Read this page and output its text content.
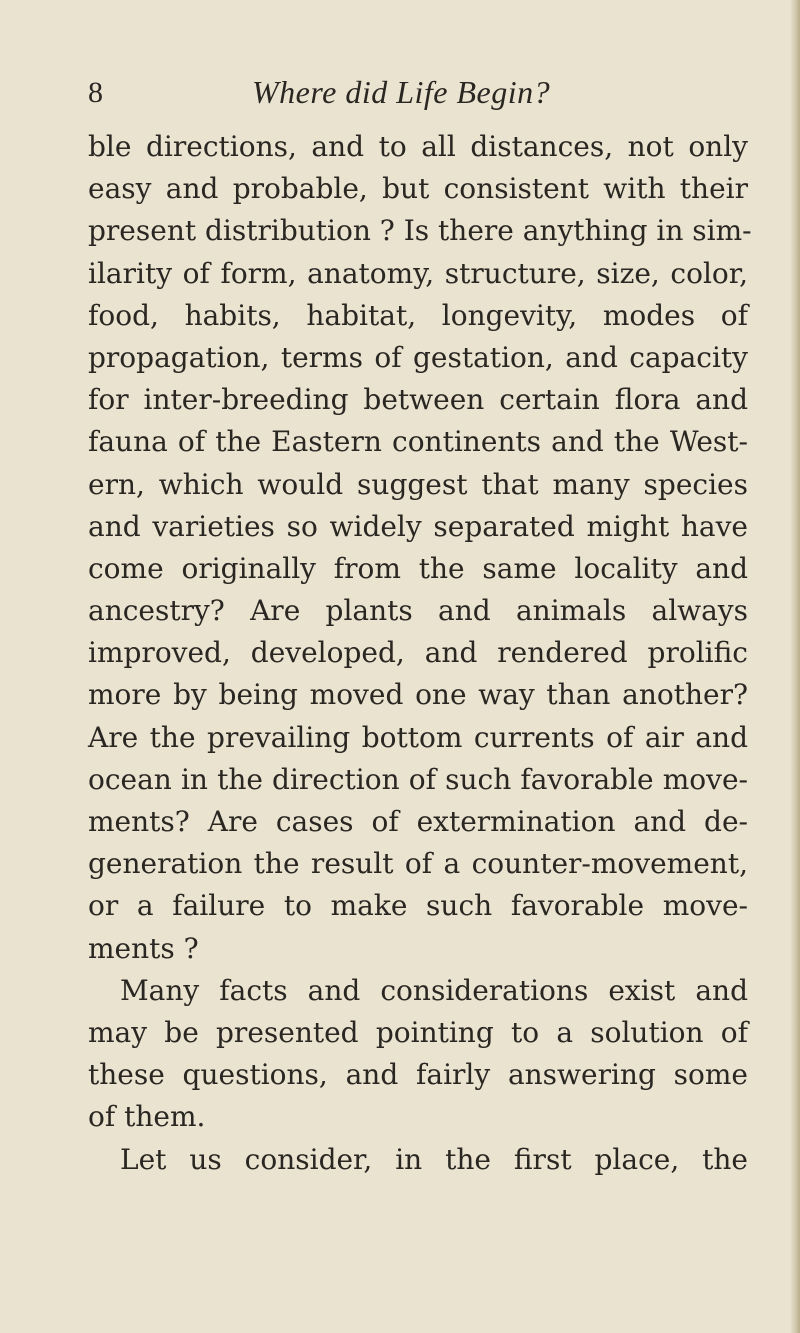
8	Where did Life Begin?
ble directions, and to all distances, not only
easy and probable, but consistent with their
present distribution ? Is there anything in sim-
ilarity of form, anatomy, structure, size, color,
food, habits, habitat, longevity, modes of
propagation, terms of gestation, and capacity
for inter-breeding between certain flora and
fauna of the Eastern continents and the West-
ern, which would suggest that many species
and varieties so widely separated might have
come originally from the same locality and
ancestry? Are plants and animals always
improved, developed, and rendered prolific
more by being moved one way than another?
Are the prevailing bottom currents of air and
ocean in the direction of such favorable move-
ments? Are cases of extermination and de-
generation the result of a counter-movement,
or a failure to make such favorable move-
ments ?
Many facts and considerations exist and
may be presented pointing to a solution of
these questions, and fairly answering some
of them.
Let us consider, in the first place, the
